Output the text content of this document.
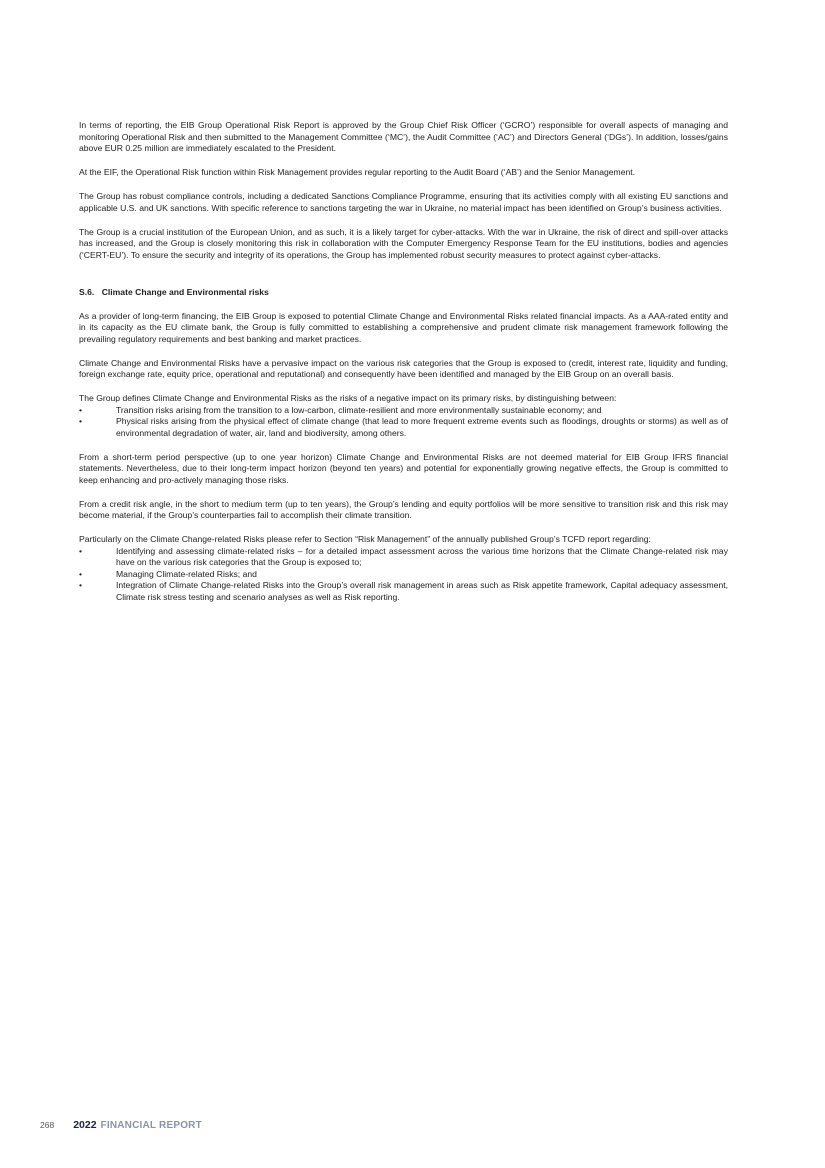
In terms of reporting, the EIB Group Operational Risk Report is approved by the Group Chief Risk Officer (‘GCRO’) responsible for overall aspects of managing and monitoring Operational Risk and then submitted to the Management Committee (‘MC’), the Audit Committee (‘AC’) and Directors General (‘DGs’). In addition, losses/gains above EUR 0.25 million are immediately escalated to the President.

At the EIF, the Operational Risk function within Risk Management provides regular reporting to the Audit Board (‘AB’) and the Senior Management.

The Group has robust compliance controls, including a dedicated Sanctions Compliance Programme, ensuring that its activities comply with all existing EU sanctions and applicable U.S. and UK sanctions. With specific reference to sanctions targeting the war in Ukraine, no material impact has been identified on Group’s business activities.

The Group is a crucial institution of the European Union, and as such, it is a likely target for cyber-attacks. With the war in Ukraine, the risk of direct and spill-over attacks has increased, and the Group is closely monitoring this risk in collaboration with the Computer Emergency Response Team for the EU institutions, bodies and agencies (‘CERT-EU’). To ensure the security and integrity of its operations, the Group has implemented robust security measures to protect against cyber-attacks.

S.6. Climate Change and Environmental risks

As a provider of long-term financing, the EIB Group is exposed to potential Climate Change and Environmental Risks related financial impacts. As a AAA-rated entity and in its capacity as the EU climate bank, the Group is fully committed to establishing a comprehensive and prudent climate risk management framework following the prevailing regulatory requirements and best banking and market practices.

Climate Change and Environmental Risks have a pervasive impact on the various risk categories that the Group is exposed to (credit, interest rate, liquidity and funding, foreign exchange rate, equity price, operational and reputational) and consequently have been identified and managed by the EIB Group on an overall basis.

The Group defines Climate Change and Environmental Risks as the risks of a negative impact on its primary risks, by distinguishing between:

•	Transition risks arising from the transition to a low-carbon, climate-resilient and more environmentally sustainable economy; and
•	Physical risks arising from the physical effect of climate change (that lead to more frequent extreme events such as floodings, droughts or storms) as well as of environmental degradation of water, air, land and biodiversity, among others.

From a short-term period perspective (up to one year horizon) Climate Change and Environmental Risks are not deemed material for EIB Group IFRS financial statements. Nevertheless, due to their long-term impact horizon (beyond ten years) and potential for exponentially growing negative effects, the Group is committed to keep enhancing and pro-actively managing those risks.

From a credit risk angle, in the short to medium term (up to ten years), the Group’s lending and equity portfolios will be more sensitive to transition risk and this risk may become material, if the Group’s counterparties fail to accomplish their climate transition.

Particularly on the Climate Change-related Risks please refer to Section “Risk Management” of the annually published Group’s TCFD report regarding:

•	Identifying and assessing climate-related risks – for a detailed impact assessment across the various time horizons that the Climate Change-related risk may have on the various risk categories that the Group is exposed to;
•	Managing Climate-related Risks; and
•	Integration of Climate Change-related Risks into the Group’s overall risk management in areas such as Risk appetite framework, Capital adequacy assessment, Climate risk stress testing and scenario analyses as well as Risk reporting.
268 2022 FINANCIAL REPORT
